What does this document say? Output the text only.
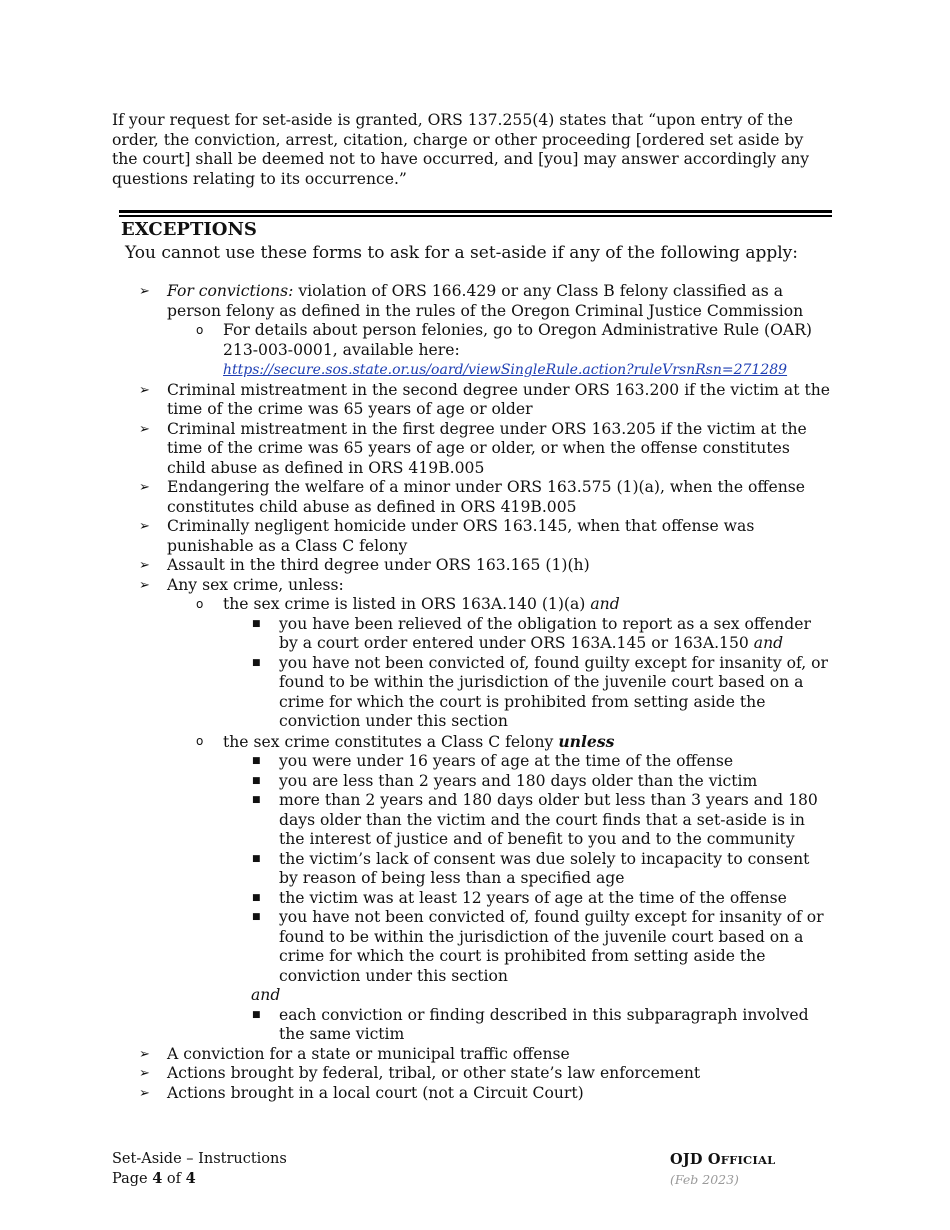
If your request for set-aside is granted, ORS 137.255(4) states that “upon entry of the order, the conviction, arrest, citation, charge or other proceeding [ordered set aside by the court] shall be deemed not to have occurred, and [you] may answer accordingly any questions relating to its occurrence.”
EXCEPTIONS
You cannot use these forms to ask for a set-aside if any of the following apply:
➢ For convictions: violation of ORS 166.429 or any Class B felony classified as a person felony as defined in the rules of the Oregon Criminal Justice Commission
o For details about person felonies, go to Oregon Administrative Rule (OAR) 213-003-0001, available here:
https://secure.sos.state.or.us/oard/viewSingleRule.action?ruleVrsnRsn=271289
➢ Criminal mistreatment in the second degree under ORS 163.200 if the victim at the time of the crime was 65 years of age or older
➢ Criminal mistreatment in the first degree under ORS 163.205 if the victim at the time of the crime was 65 years of age or older, or when the offense constitutes child abuse as defined in ORS 419B.005
➢ Endangering the welfare of a minor under ORS 163.575 (1)(a), when the offense constitutes child abuse as defined in ORS 419B.005
➢ Criminally negligent homicide under ORS 163.145, when that offense was punishable as a Class C felony
➢ Assault in the third degree under ORS 163.165 (1)(h)
➢ Any sex crime, unless:
o the sex crime is listed in ORS 163A.140 (1)(a) and
■ you have been relieved of the obligation to report as a sex offender by a court order entered under ORS 163A.145 or 163A.150 and
■ you have not been convicted of, found guilty except for insanity of, or found to be within the jurisdiction of the juvenile court based on a crime for which the court is prohibited from setting aside the conviction under this section
o the sex crime constitutes a Class C felony unless
■ you were under 16 years of age at the time of the offense
■ you are less than 2 years and 180 days older than the victim
■ more than 2 years and 180 days older but less than 3 years and 180 days older than the victim and the court finds that a set-aside is in the interest of justice and of benefit to you and to the community
■ the victim’s lack of consent was due solely to incapacity to consent by reason of being less than a specified age
■ the victim was at least 12 years of age at the time of the offense
■ you have not been convicted of, found guilty except for insanity of or found to be within the jurisdiction of the juvenile court based on a crime for which the court is prohibited from setting aside the conviction under this section
and
■ each conviction or finding described in this subparagraph involved the same victim
➢ A conviction for a state or municipal traffic offense
➢ Actions brought by federal, tribal, or other state’s law enforcement
➢ Actions brought in a local court (not a Circuit Court)
Set-Aside – Instructions
Page 4 of 4
OJD OFFICIAL
(Feb 2023)
